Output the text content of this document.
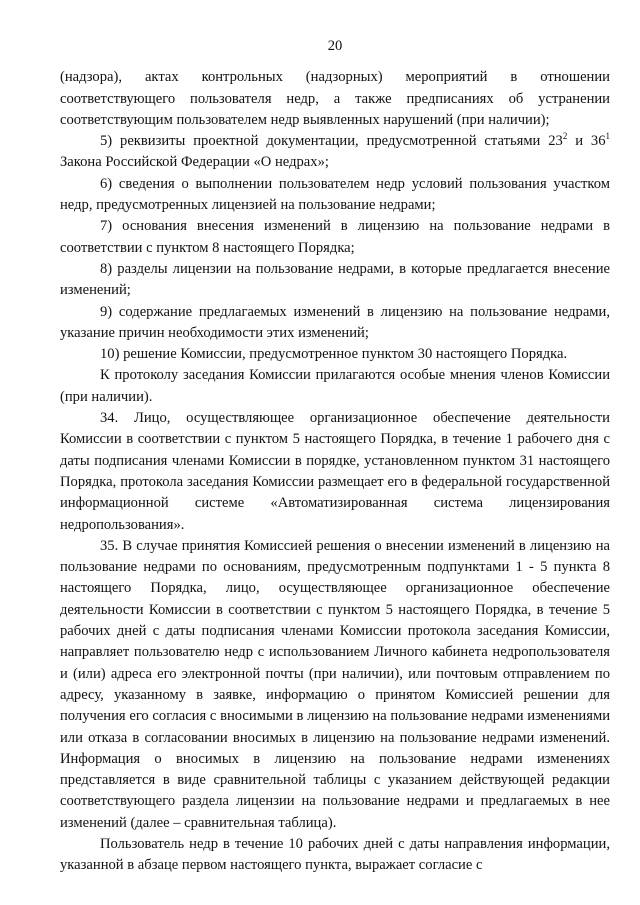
20

(надзора), актах контрольных (надзорных) мероприятий в отношении соответствующего пользователя недр, а также предписаниях об устранении соответствующим пользователем недр выявленных нарушений (при наличии);

5) реквизиты проектной документации, предусмотренной статьями $23^2$ и $36^1$ Закона Российской Федерации «О недрах»;

6) сведения о выполнении пользователем недр условий пользования участком недр, предусмотренных лицензией на пользование недрами;

7) основания внесения изменений в лицензию на пользование недрами в соответствии с пунктом 8 настоящего Порядка;

8) разделы лицензии на пользование недрами, в которые предлагается внесение изменений;

9) содержание предлагаемых изменений в лицензию на пользование недрами, указание причин необходимости этих изменений;

10) решение Комиссии, предусмотренное пунктом 30 настоящего Порядка.

К протоколу заседания Комиссии прилагаются особые мнения членов Комиссии (при наличии).

34. Лицо, осуществляющее организационное обеспечение деятельности Комиссии в соответствии с пунктом 5 настоящего Порядка, в течение 1 рабочего дня с даты подписания членами Комиссии в порядке, установленном пунктом 31 настоящего Порядка, протокола заседания Комиссии размещает его в федеральной государственной информационной системе «Автоматизированная система лицензирования недропользования».

35. В случае принятия Комиссией решения о внесении изменений в лицензию на пользование недрами по основаниям, предусмотренным подпунктами 1 - 5 пункта 8 настоящего Порядка, лицо, осуществляющее организационное обеспечение деятельности Комиссии в соответствии с пунктом 5 настоящего Порядка, в течение 5 рабочих дней с даты подписания членами Комиссии протокола заседания Комиссии, направляет пользователю недр с использованием Личного кабинета недропользователя и (или) адреса его электронной почты (при наличии), или почтовым отправлением по адресу, указанному в заявке, информацию о принятом Комиссией решении для получения его согласия с вносимыми в лицензию на пользование недрами изменениями или отказа в согласовании вносимых в лицензию на пользование недрами изменений. Информация о вносимых в лицензию на пользование недрами изменениях представляется в виде сравнительной таблицы с указанием действующей редакции соответствующего раздела лицензии на пользование недрами и предлагаемых в нее изменений (далее – сравнительная таблица).

Пользователь недр в течение 10 рабочих дней с даты направления информации, указанной в абзаце первом настоящего пункта, выражает согласие с
